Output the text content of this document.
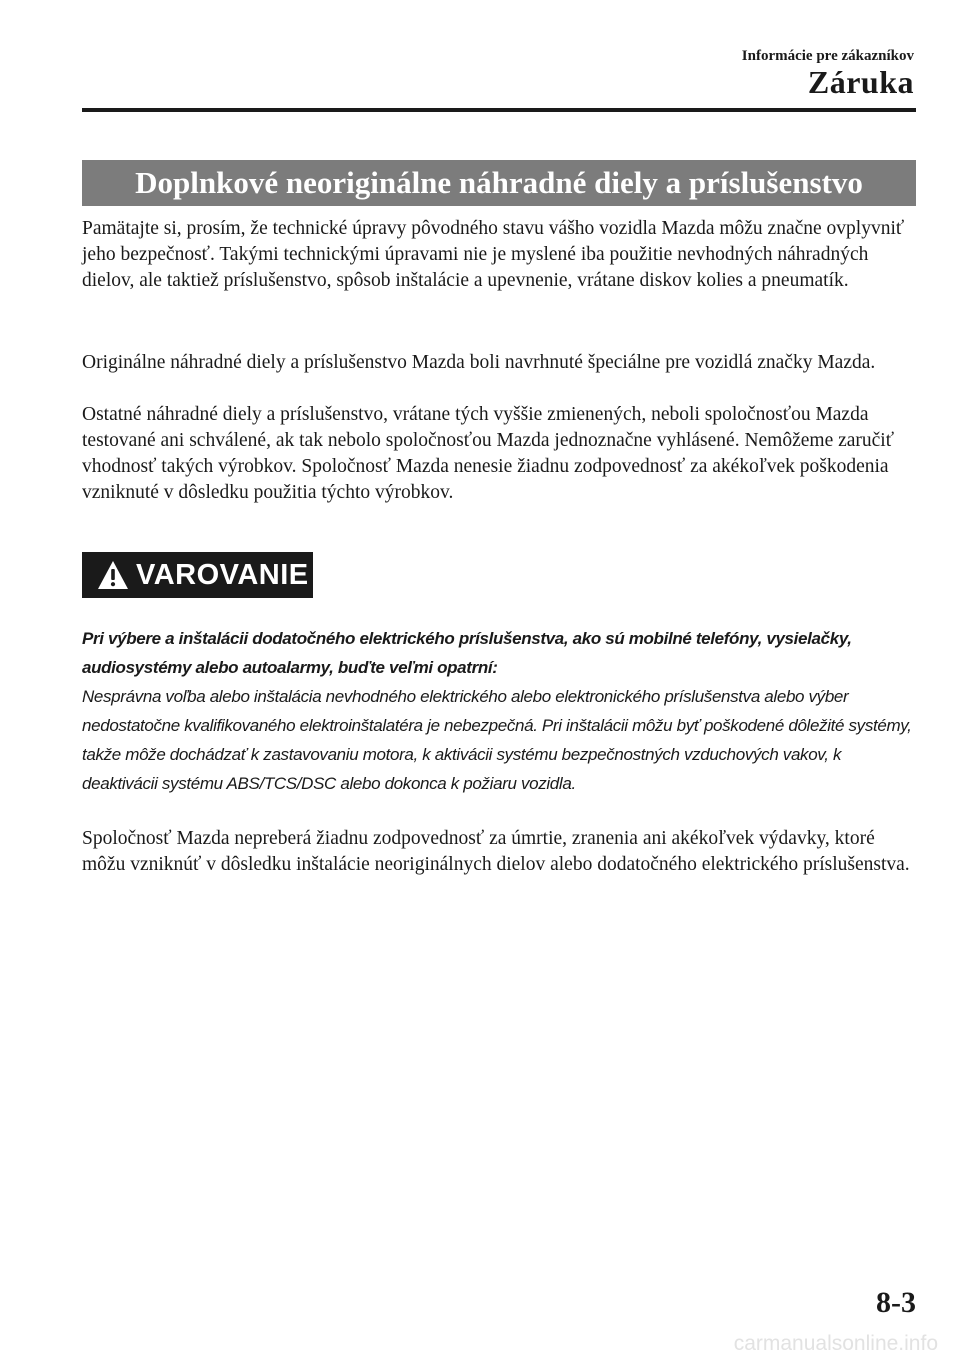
Informácie pre zákazníkov
Záruka
Doplnkové neoriginálne náhradné diely a príslušenstvo

Pamätajte si, prosím, že technické úpravy pôvodného stavu vášho vozidla Mazda môžu značne ovplyvniť jeho bezpečnosť. Takými technickými úpravami nie je myslené iba použitie nevhodných náhradných dielov, ale taktiež príslušenstvo, spôsob inštalácie a upevnenie, vrátane diskov kolies a pneumatík.

Originálne náhradné diely a príslušenstvo Mazda boli navrhnuté špeciálne pre vozidlá značky Mazda.

Ostatné náhradné diely a príslušenstvo, vrátane tých vyššie zmienených, neboli spoločnosťou Mazda testované ani schválené, ak tak nebolo spoločnosťou Mazda jednoznačne vyhlásené. Nemôžeme zaručiť vhodnosť takých výrobkov. Spoločnosť Mazda nenesie žiadnu zodpovednosť za akékoľvek poškodenia vzniknuté v dôsledku použitia týchto výrobkov.

VAROVANIE

Pri výbere a inštalácii dodatočného elektrického príslušenstva, ako sú mobilné telefóny, vysielačky, audiosystémy alebo autoalarmy, buďte veľmi opatrní:
Nesprávna voľba alebo inštalácia nevhodného elektrického alebo elektronického príslušenstva alebo výber nedostatočne kvalifikovaného elektroinštalatéra je nebezpečná. Pri inštalácii môžu byť poškodené dôležité systémy, takže môže dochádzať k zastavovaniu motora, k aktivácii systému bezpečnostných vzduchových vakov, k deaktivácii systému ABS/TCS/DSC alebo dokonca k požiaru vozidla.

Spoločnosť Mazda nepreberá žiadnu zodpovednosť za úmrtie, zranenia ani akékoľvek výdavky, ktoré môžu vzniknúť v dôsledku inštalácie neoriginálnych dielov alebo dodatočného elektrického príslušenstva.

8-3
carmanualsonline.info
